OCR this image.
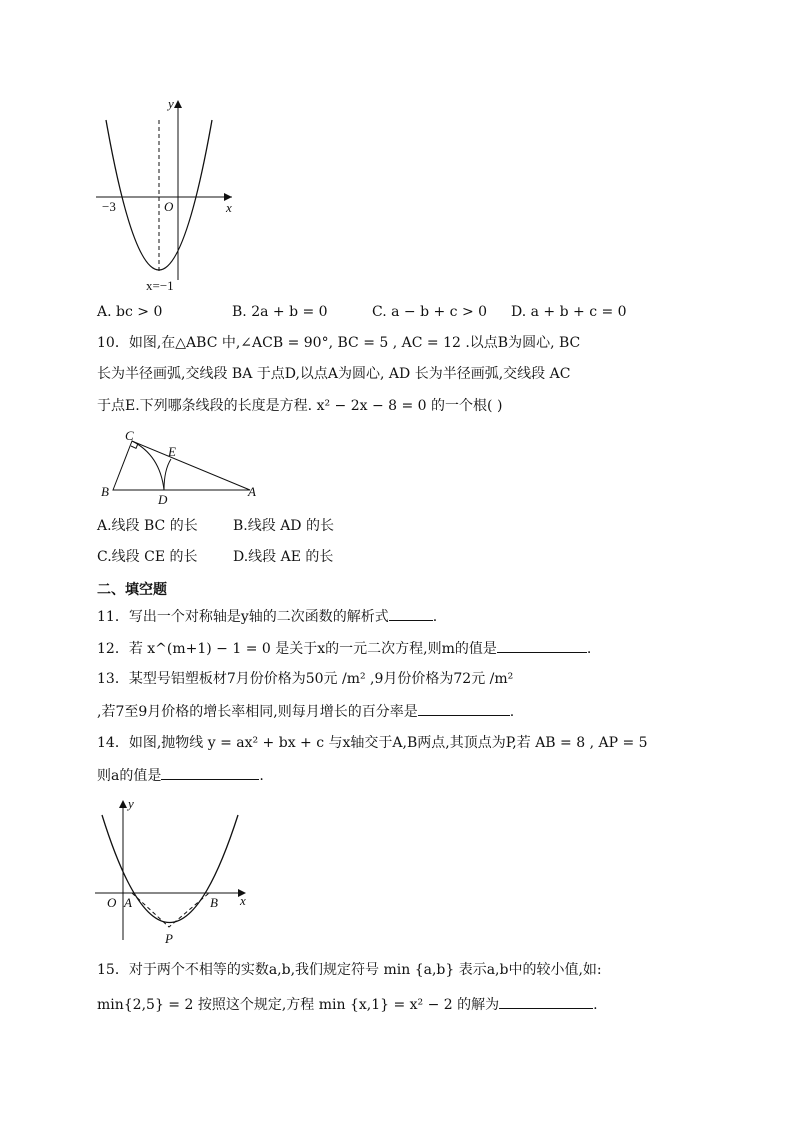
y
x
O
−3
x=−1
A. bc > 0	B. 2a + b = 0	C. a − b + c > 0 D. a + b + c = 0
10．如图,在△ABC 中,∠ACB = 90°, BC = 5 , AC = 12 .以点B为圆心, BC
长为半径画弧,交线段 BA 于点D,以点A为圆心, AD 长为半径画弧,交线段 AC
于点E.下列哪条线段的长度是方程. x² − 2x − 8 = 0 的一个根( )
C
E
B
D
A
A.线段 BC 的长	B.线段 AD 的长
C.线段 CE 的长	D.线段 AE 的长
二、填空题
11．写出一个对称轴是y轴的二次函数的解析式	.
12．若 x^(m+1) − 1 = 0 是关于x的一元二次方程,则m的值是	.
13．某型号铝塑板材7月份价格为50元 /m² ,9月份价格为72元 /m²
,若7至9月价格的增长率相同,则每月增长的百分率是	.
14．如图,抛物线 y = ax² + bx + c 与x轴交于A,B两点,其顶点为P,若 AB = 8 , AP = 5
则a的值是	.
y
x
O A	B
P
15．对于两个不相等的实数a,b,我们规定符号 min {a,b} 表示a,b中的较小值,如:
min{2,5} = 2 按照这个规定,方程 min {x,1} = x² − 2 的解为	.
